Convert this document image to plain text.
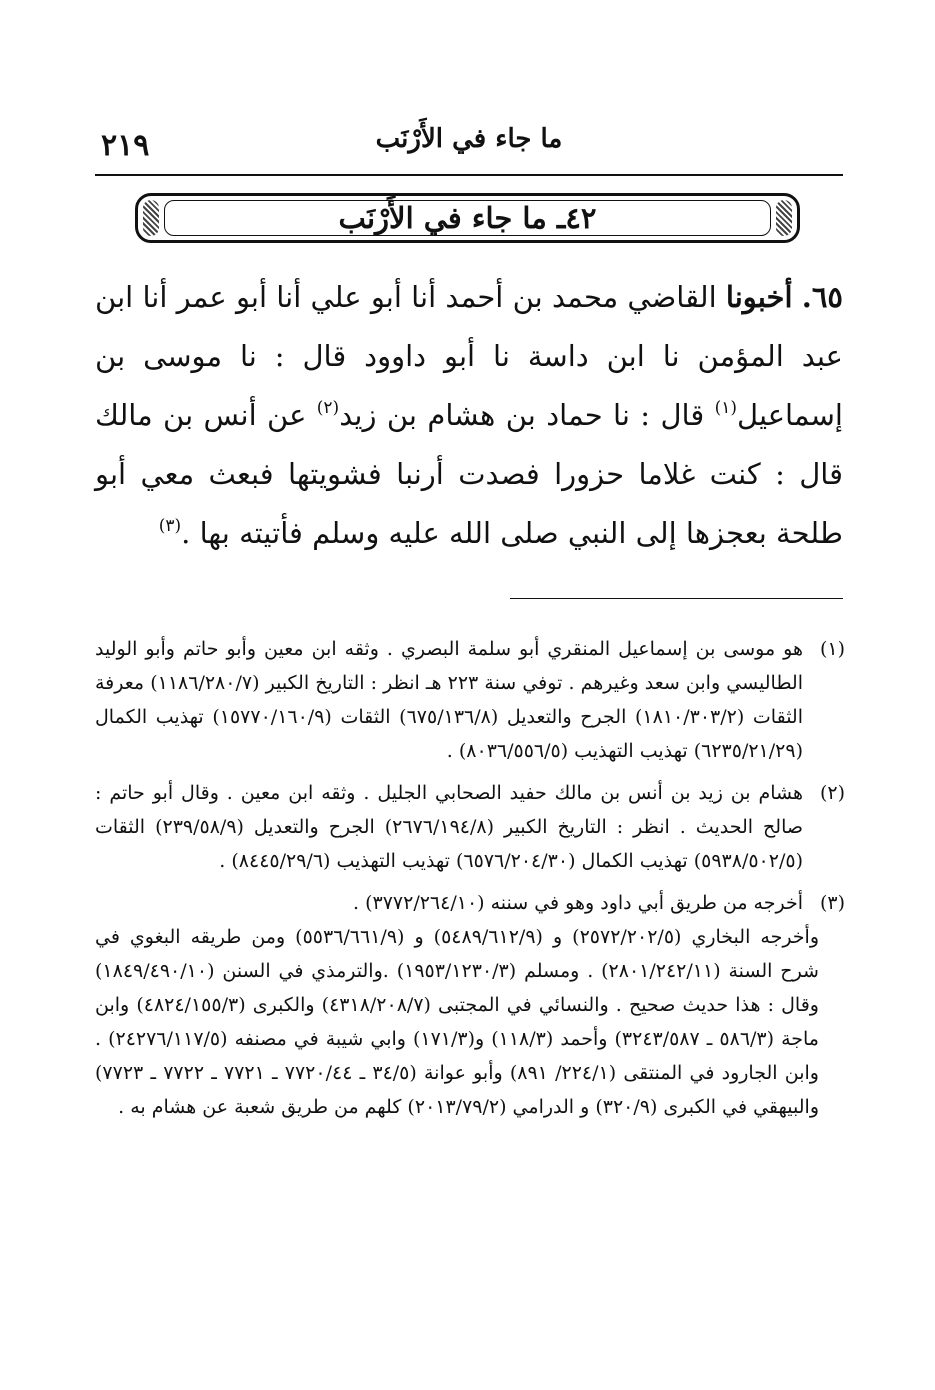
ما جاء في الأَرْنَب
٢١٩
٤٢ـ ما جاء في الأَرْنَب
٦٥. أخبونا القاضي محمد بن أحمد أنا أبو علي أنا أبو عمر أنا ابن عبد المؤمن نا ابن داسة نا أبو داوود قال : نا موسى بن إسماعيل$^{(١)}$ قال : نا حماد بن هشام بن زيد$^{(٢)}$ عن أنس بن مالك قال : كنت غلاما حزورا فصدت أرنبا فشويتها فبعث معي أبو طلحة بعجزها إلى النبي صلى الله عليه وسلم فأتيته بها .$^{(٣)}$
(١)
هو موسى بن إسماعيل المنقري أبو سلمة البصري . وثقه ابن معين وأبو حاتم وأبو الوليد الطاليسي وابن سعد وغيرهم . توفي سنة ٢٢٣ هـ انظر : التاريخ الكبير (١١٨٦/٢٨٠/٧) معرفة الثقات (١٨١٠/٣٠٣/٢) الجرح والتعديل (٦٧٥/١٣٦/٨) الثقات (١٥٧٧٠/١٦٠/٩) تهذيب الكمال (٦٢٣٥/٢١/٢٩) تهذيب التهذيب (٨٠٣٦/٥٥٦/٥) .
(٢)
هشام بن زيد بن أنس بن مالك حفيد الصحابي الجليل . وثقه ابن معين . وقال أبو حاتم : صالح الحديث . انظر : التاريخ الكبير (٢٦٧٦/١٩٤/٨) الجرح والتعديل (٢٣٩/٥٨/٩) الثقات (٥٩٣٨/٥٠٢/٥) تهذيب الكمال (٦٥٧٦/٢٠٤/٣٠) تهذيب التهذيب (٨٤٤٥/٢٩/٦) .
(٣)
أخرجه من طريق أبي داود وهو في سننه (٣٧٧٢/٢٦٤/١٠) .
وأخرجه البخاري (٢٥٧٢/٢٠٢/٥) و (٥٤٨٩/٦١٢/٩) و (٥٥٣٦/٦٦١/٩) ومن طريقه البغوي في شرح السنة (٢٨٠١/٢٤٢/١١) . ومسلم (١٩٥٣/١٢٣٠/٣) .والترمذي في السنن (١٨٤٩/٤٩٠/١٠) وقال : هذا حديث صحيح . والنسائي في المجتبى (٤٣١٨/٢٠٨/٧) والكبرى (٤٨٢٤/١٥٥/٣) وابن ماجة (٥٨٦/٣ ـ ٣٢٤٣/٥٨٧) وأحمد (١١٨/٣) و(١٧١/٣) وابي شيبة في مصنفه (٢٤٢٧٦/١١٧/٥) . وابن الجارود في المنتقى (٢٢٤/١/ ٨٩١) وأبو عوانة (٣٤/٥ ـ ٧٧٢٠/٤٤ ـ ٧٧٢١ ـ ٧٧٢٢ ـ ٧٧٢٣) والبيهقي في الكبرى (٣٢٠/٩) و الدرامي (٢٠١٣/٧٩/٢) كلهم من طريق شعبة عن هشام به .
